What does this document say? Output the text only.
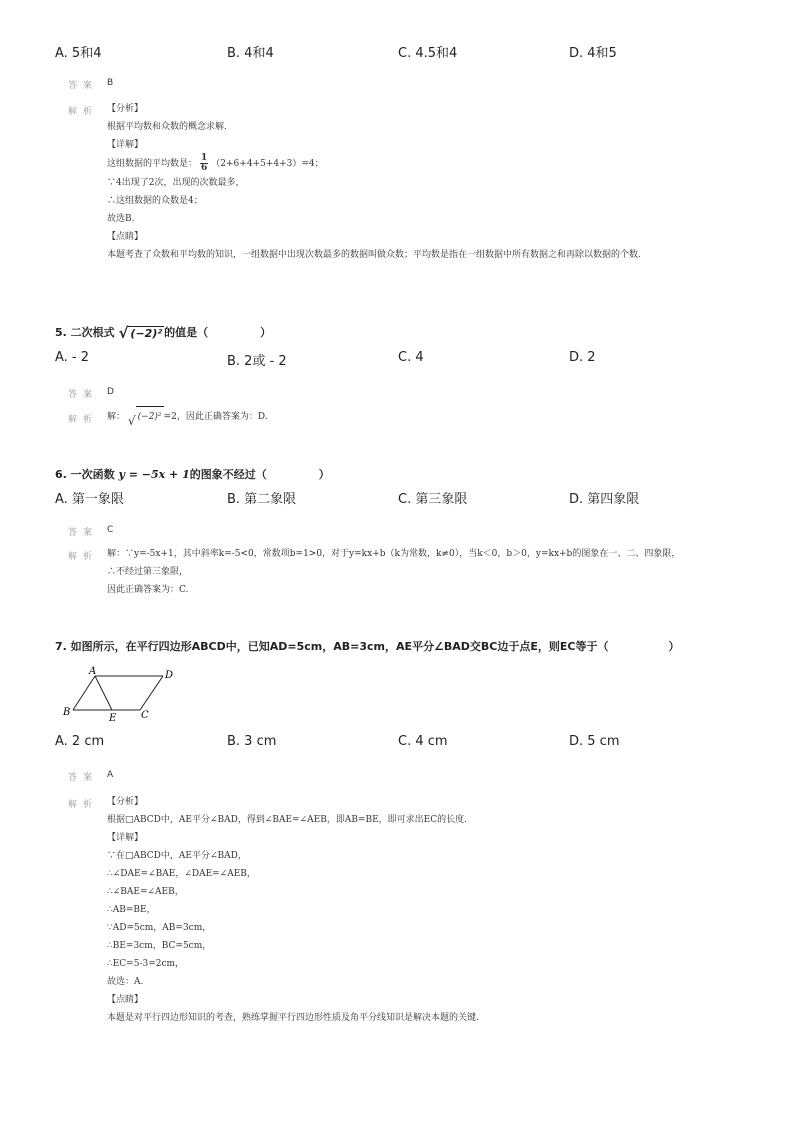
A. 5和4	B. 4和4	C. 4.5和4	D. 4和5
答案 B
解析 【分析】
根据平均数和众数的概念求解.
【详解】
这组数据的平均数是： $\frac{1}{6} (2+6+4+5+4+3)=4$；
∵4出现了2次，出现的次数最多，
∴这组数据的众数是4；
故选B.
【点睛】
本题考查了众数和平均数的知识，一组数据中出现次数最多的数据叫做众数；平均数是指在一组数据中所有数据之和再除以数据的个数.
5. 二次根式 √ (−2)² 的值是（	）
A. - 2	B. 2或 - 2	C. 4	D. 2
答案 D
解析 解： √ (−2)² =2，因此正确答案为：D.
6. 一次函数 y = −5x + 1的图象不经过（	）
A. 第一象限	B. 第二象限	C. 第三象限	D. 第四象限
答案 C
解析 解：∵y=-5x+1，其中斜率k=-5<0，常数项b=1>0，对于y=kx+b（k为常数，k≠0），当k＜0，b＞0，y=kx+b的图象在一、二、四象限，
∴不经过第三象限，
因此正确答案为：C.
7. 如图所示，在平行四边形ABCD中，已知AD=5cm，AB=3cm，AE平分∠BAD交BC边于点E，则EC等于（	）
A	D
B
E C
A. 2 cm	B. 3 cm	C. 4 cm	D. 5 cm
答案 A
解析 【分析】
根据□ABCD中，AE平分∠BAD，得到∠BAE=∠AEB，即AB=BE，即可求出EC的长度.
【详解】
∵在□ABCD中，AE平分∠BAD，
∴∠DAE=∠BAE，∠DAE=∠AEB，
∴∠BAE=∠AEB，
∴AB=BE，
∵AD=5cm，AB=3cm，
∴BE=3cm，BC=5cm，
∴EC=5-3=2cm，
故选：A.
【点睛】
本题是对平行四边形知识的考查，熟练掌握平行四边形性质及角平分线知识是解决本题的关键.
